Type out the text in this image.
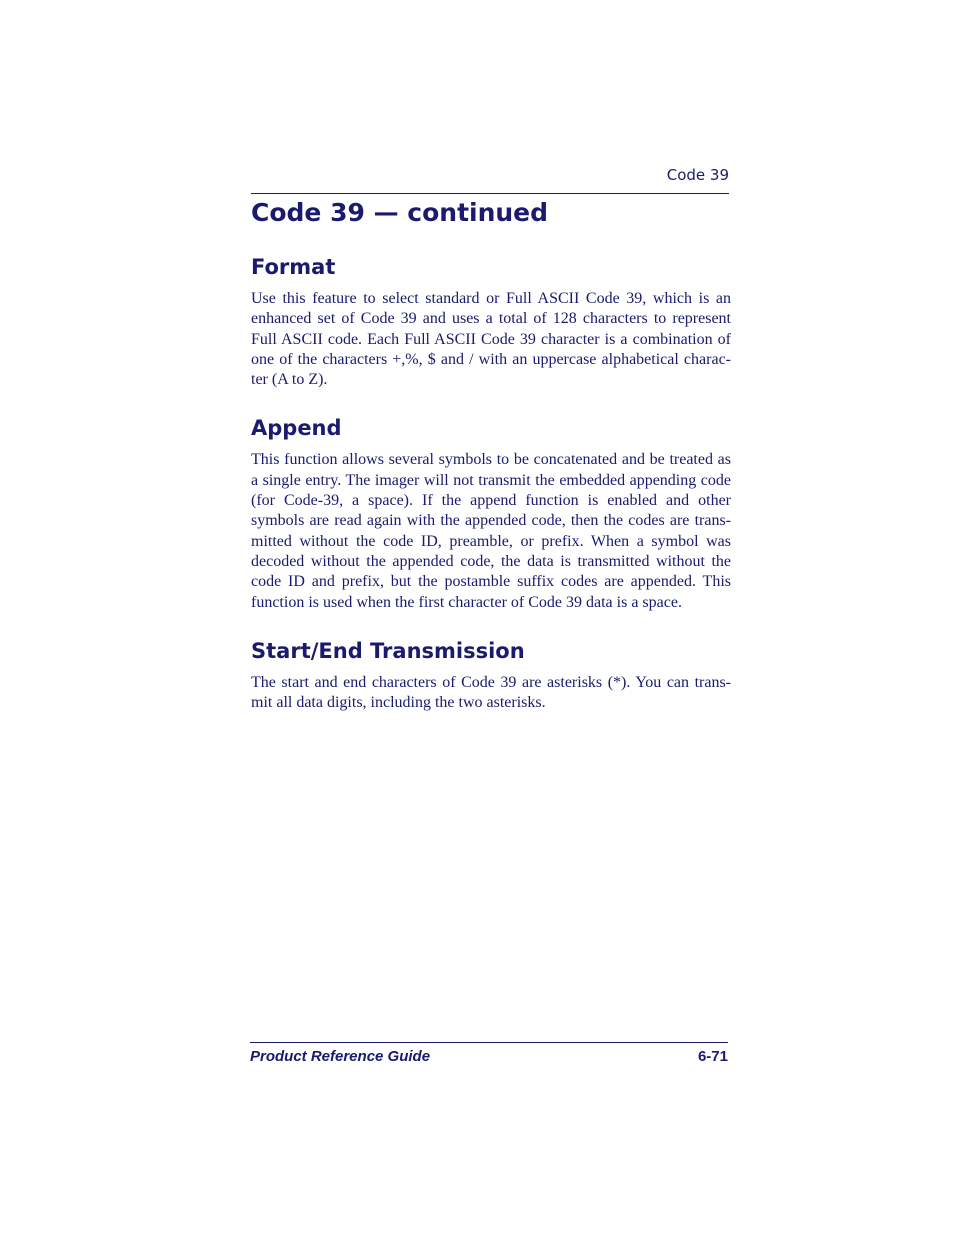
Code 39
Code 39 — continued
Format

Use this feature to select standard or Full ASCII Code 39, which is an enhanced set of Code 39 and uses a total of 128 characters to represent Full ASCII code. Each Full ASCII Code 39 character is a combination of one of the characters +,%, $ and / with an uppercase alphabetical charac-ter (A to Z).

Append

This function allows several symbols to be concatenated and be treated as a single entry. The imager will not transmit the embedded appending code (for Code-39, a space). If the append function is enabled and other symbols are read again with the appended code, then the codes are trans-mitted without the code ID, preamble, or prefix. When a symbol was decoded without the appended code, the data is transmitted without the code ID and prefix, but the postamble suffix codes are appended. This function is used when the first character of Code 39 data is a space.

Start/End Transmission

The start and end characters of Code 39 are asterisks (*). You can trans-mit all data digits, including the two asterisks.

Product Reference Guide	6-71
